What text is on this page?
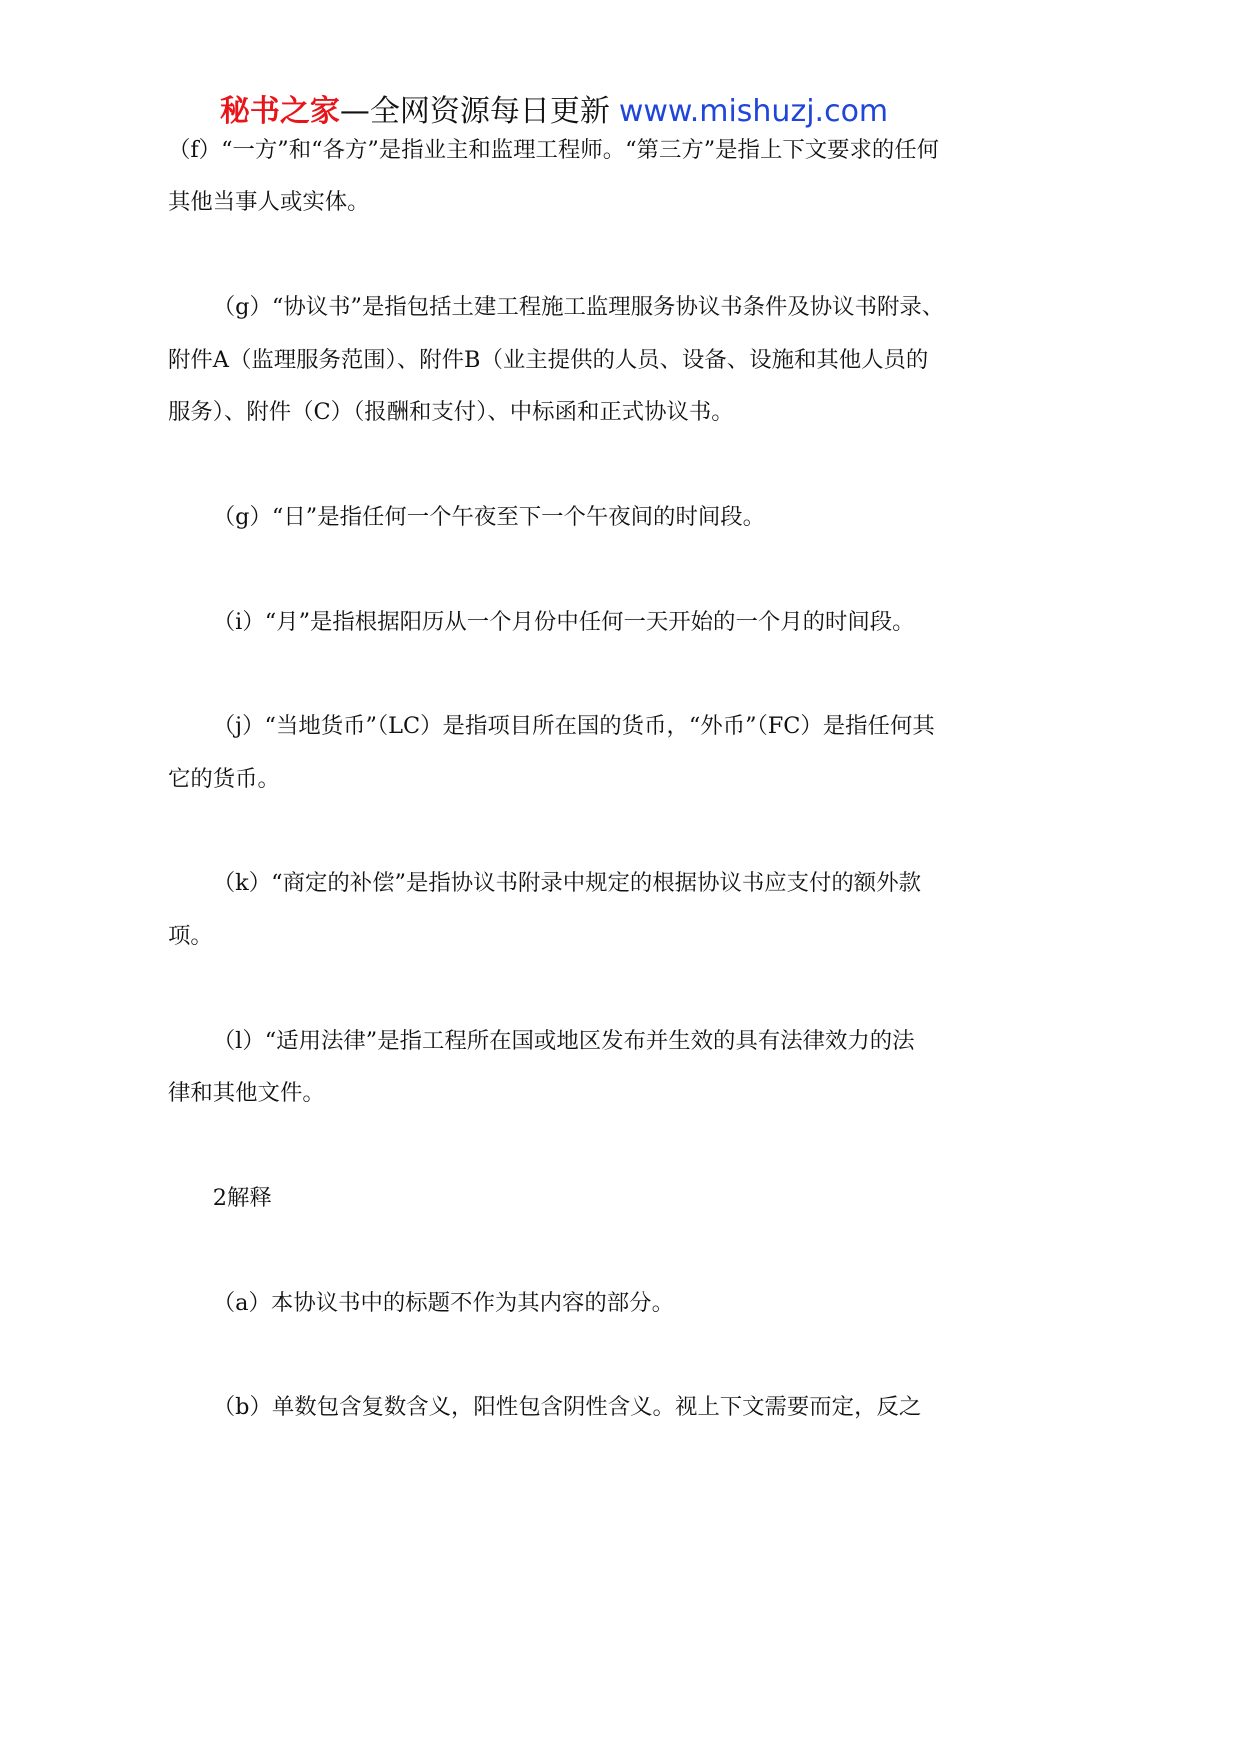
秘书之家—全网资源每日更新 www.mishuzj.com
（f）“一方”和“各方”是指业主和监理工程师。“第三方”是指上下文要求的任何
其他当事人或实体。
（g）“协议书”是指包括土建工程施工监理服务协议书条件及协议书附录、
附件A（监理服务范围）、附件B（业主提供的人员、设备、设施和其他人员的
服务）、附件（C）（报酬和支付）、中标函和正式协议书。
（g）“日”是指任何一个午夜至下一个午夜间的时间段。
（i）“月”是指根据阳历从一个月份中任何一天开始的一个月的时间段。
（j）“当地货币”（LC）是指项目所在国的货币，“外币”（FC）是指任何其
它的货币。
（k）“商定的补偿”是指协议书附录中规定的根据协议书应支付的额外款
项。
（l）“适用法律”是指工程所在国或地区发布并生效的具有法律效力的法
律和其他文件。
2解释
（a）本协议书中的标题不作为其内容的部分。
（b）单数包含复数含义，阳性包含阴性含义。视上下文需要而定，反之
